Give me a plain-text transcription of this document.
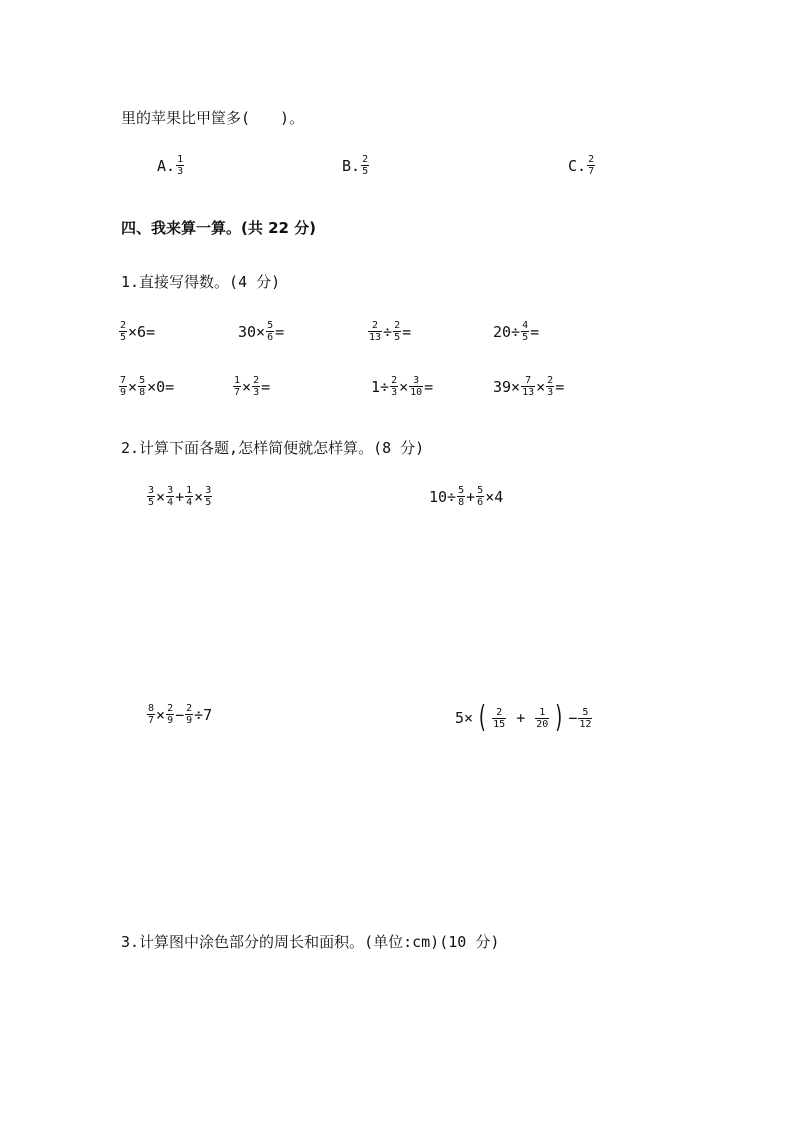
里的苹果比甲筐多(　　)。
A. $\frac{1}{3}$	B. $\frac{2}{5}$	C. $\frac{2}{7}$
四、我来算一算。(共 22 分)
1.直接写得数。(4 分)
$\frac{2}{5} \times 6=$	$30\times \frac{5}{6}$ =	$\frac{2}{13} \div \frac{2}{5}$ =	$20\div \frac{4}{5}$ =
$\frac{7}{9} \times \frac{5}{8} \times 0=$	$\frac{1}{7} \times \frac{2}{3}$ =	$1\div \frac{2}{3} \times \frac{3}{10}$ =	$39\times \frac{7}{13} \times \frac{2}{3}$ =
2.计算下面各题,怎样简便就怎样算。(8 分)
$\frac{3}{5} \times \frac{3}{4} + \frac{1}{4} \times \frac{3}{5}$	$10\div \frac{5}{8} + \frac{5}{6} \times 4$
$\frac{8}{7} \times \frac{2}{9} - \frac{2}{9} \div 7$	5× ( $\frac{2}{15} + \frac{1}{20}$ ) − $\frac{5}{12}$
3.计算图中涂色部分的周长和面积。(单位:cm)(10 分)
